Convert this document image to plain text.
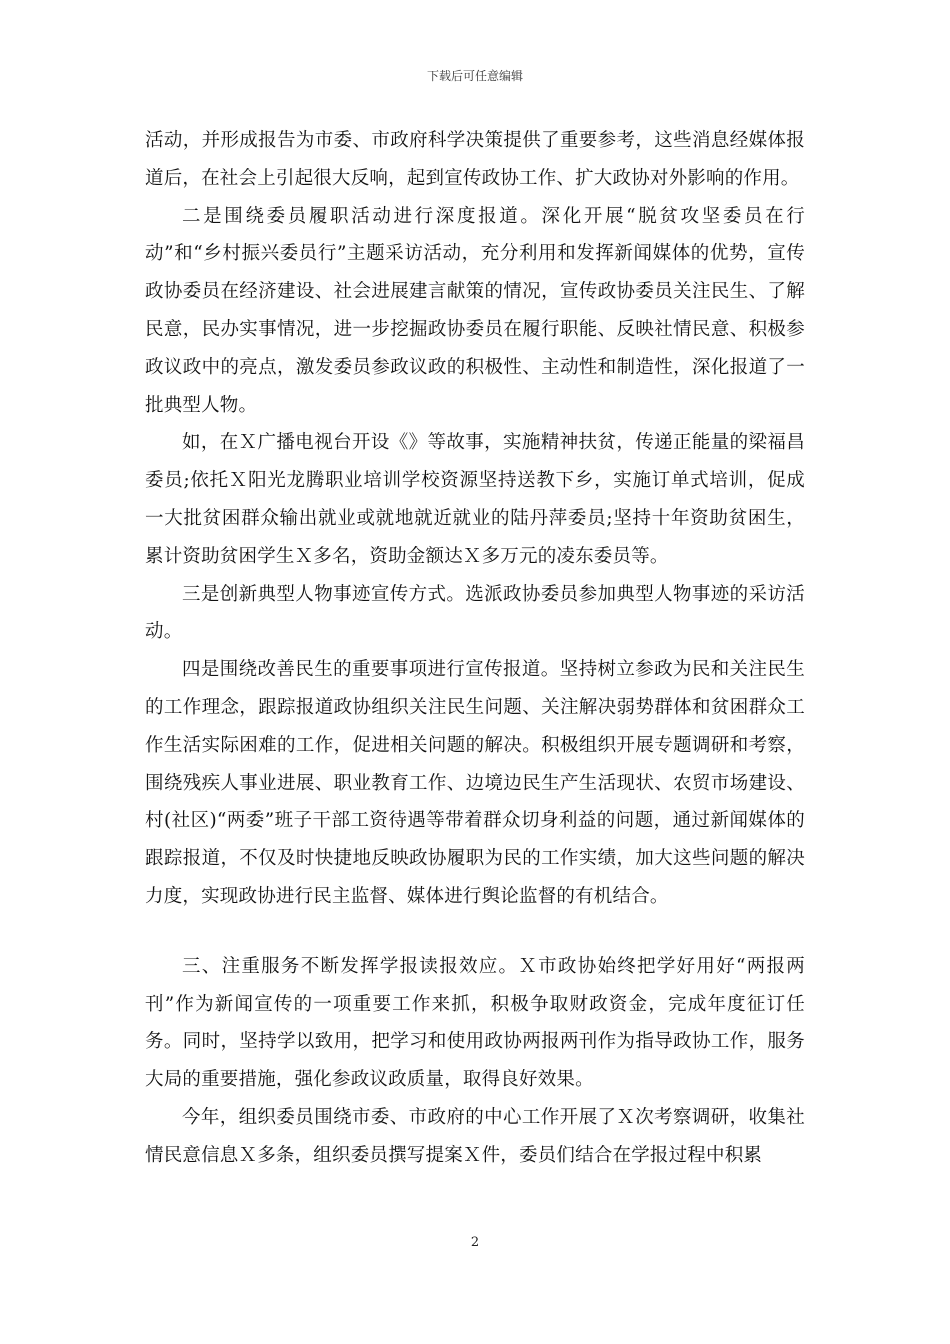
下载后可任意编辑

活动，并形成报告为市委、市政府科学决策提供了重要参考，这些消息经媒体报道后，在社会上引起很大反响，起到宣传政协工作、扩大政协对外影响的作用。

二是围绕委员履职活动进行深度报道。深化开展“脱贫攻坚委员在行动”和“乡村振兴委员行”主题采访活动，充分利用和发挥新闻媒体的优势，宣传政协委员在经济建设、社会进展建言献策的情况，宣传政协委员关注民生、了解民意，民办实事情况，进一步挖掘政协委员在履行职能、反映社情民意、积极参政议政中的亮点，激发委员参政议政的积极性、主动性和制造性，深化报道了一批典型人物。

如，在Ｘ广播电视台开设《》等故事，实施精神扶贫，传递正能量的梁福昌委员;依托Ｘ阳光龙腾职业培训学校资源坚持送教下乡，实施订单式培训，促成一大批贫困群众输出就业或就地就近就业的陆丹萍委员;坚持十年资助贫困生，累计资助贫困学生Ｘ多名，资助金额达Ｘ多万元的凌东委员等。

三是创新典型人物事迹宣传方式。选派政协委员参加典型人物事迹的采访活动。

四是围绕改善民生的重要事项进行宣传报道。坚持树立参政为民和关注民生的工作理念，跟踪报道政协组织关注民生问题、关注解决弱势群体和贫困群众工作生活实际困难的工作，促进相关问题的解决。积极组织开展专题调研和考察，围绕残疾人事业进展、职业教育工作、边境边民生产生活现状、农贸市场建设、村(社区)“两委”班子干部工资待遇等带着群众切身利益的问题，通过新闻媒体的跟踪报道，不仅及时快捷地反映政协履职为民的工作实绩，加大这些问题的解决力度，实现政协进行民主监督、媒体进行舆论监督的有机结合。

三、注重服务不断发挥学报读报效应。Ｘ市政协始终把学好用好“两报两刊”作为新闻宣传的一项重要工作来抓，积极争取财政资金，完成年度征订任务。同时，坚持学以致用，把学习和使用政协两报两刊作为指导政协工作，服务大局的重要措施，强化参政议政质量，取得良好效果。

今年，组织委员围绕市委、市政府的中心工作开展了Ｘ次考察调研，收集社情民意信息Ｘ多条，组织委员撰写提案Ｘ件，委员们结合在学报过程中积累

2
